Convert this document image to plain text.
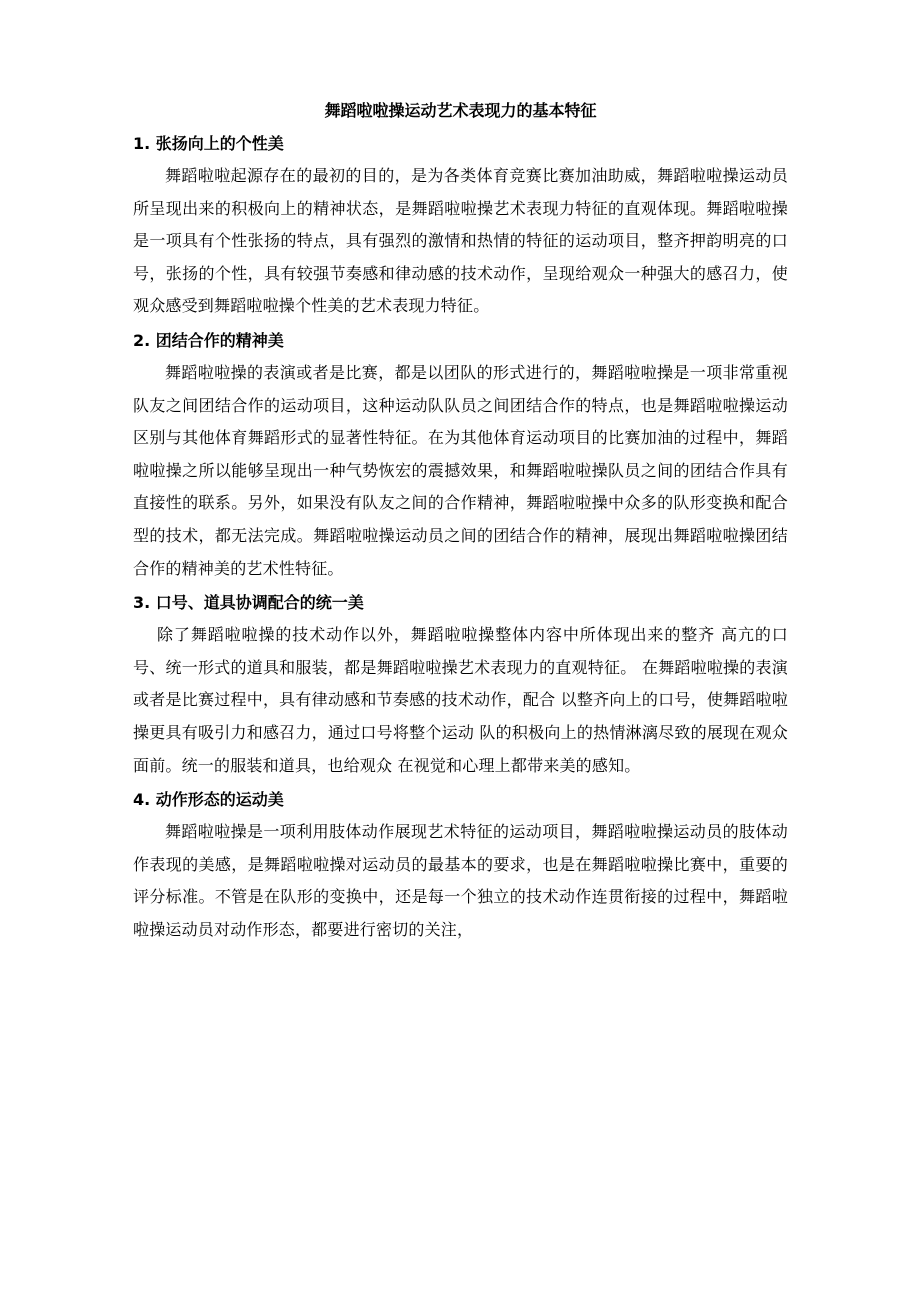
舞蹈啦啦操运动艺术表现力的基本特征
1. 张扬向上的个性美

舞蹈啦啦起源存在的最初的目的，是为各类体育竞赛比赛加油助威，舞蹈啦啦操运动员所呈现出来的积极向上的精神状态，是舞蹈啦啦操艺术表现力特征的直观体现。舞蹈啦啦操是一项具有个性张扬的特点，具有强烈的激情和热情的特征的运动项目，整齐押韵明亮的口号，张扬的个性，具有较强节奏感和律动感的技术动作，呈现给观众一种强大的感召力，使观众感受到舞蹈啦啦操个性美的艺术表现力特征。

2. 团结合作的精神美

舞蹈啦啦操的表演或者是比赛，都是以团队的形式进行的，舞蹈啦啦操是一项非常重视队友之间团结合作的运动项目，这种运动队队员之间团结合作的特点，也是舞蹈啦啦操运动区别与其他体育舞蹈形式的显著性特征。在为其他体育运动项目的比赛加油的过程中，舞蹈啦啦操之所以能够呈现出一种气势恢宏的震撼效果，和舞蹈啦啦操队员之间的团结合作具有直接性的联系。另外，如果没有队友之间的合作精神，舞蹈啦啦操中众多的队形变换和配合型的技术，都无法完成。舞蹈啦啦操运动员之间的团结合作的精神，展现出舞蹈啦啦操团结合作的精神美的艺术性特征。

3. 口号、道具协调配合的统一美

除了舞蹈啦啦操的技术动作以外，舞蹈啦啦操整体内容中所体现出来的整齐 高亢的口号、统一形式的道具和服装，都是舞蹈啦啦操艺术表现力的直观特征。 在舞蹈啦啦操的表演或者是比赛过程中，具有律动感和节奏感的技术动作，配合 以整齐向上的口号，使舞蹈啦啦操更具有吸引力和感召力，通过口号将整个运动 队的积极向上的热情淋漓尽致的展现在观众面前。统一的服装和道具，也给观众 在视觉和心理上都带来美的感知。

4. 动作形态的运动美

舞蹈啦啦操是一项利用肢体动作展现艺术特征的运动项目，舞蹈啦啦操运动员的肢体动作表现的美感，是舞蹈啦啦操对运动员的最基本的要求，也是在舞蹈啦啦操比赛中，重要的评分标准。不管是在队形的变换中，还是每一个独立的技术动作连贯衔接的过程中，舞蹈啦啦操运动员对动作形态，都要进行密切的关注，
